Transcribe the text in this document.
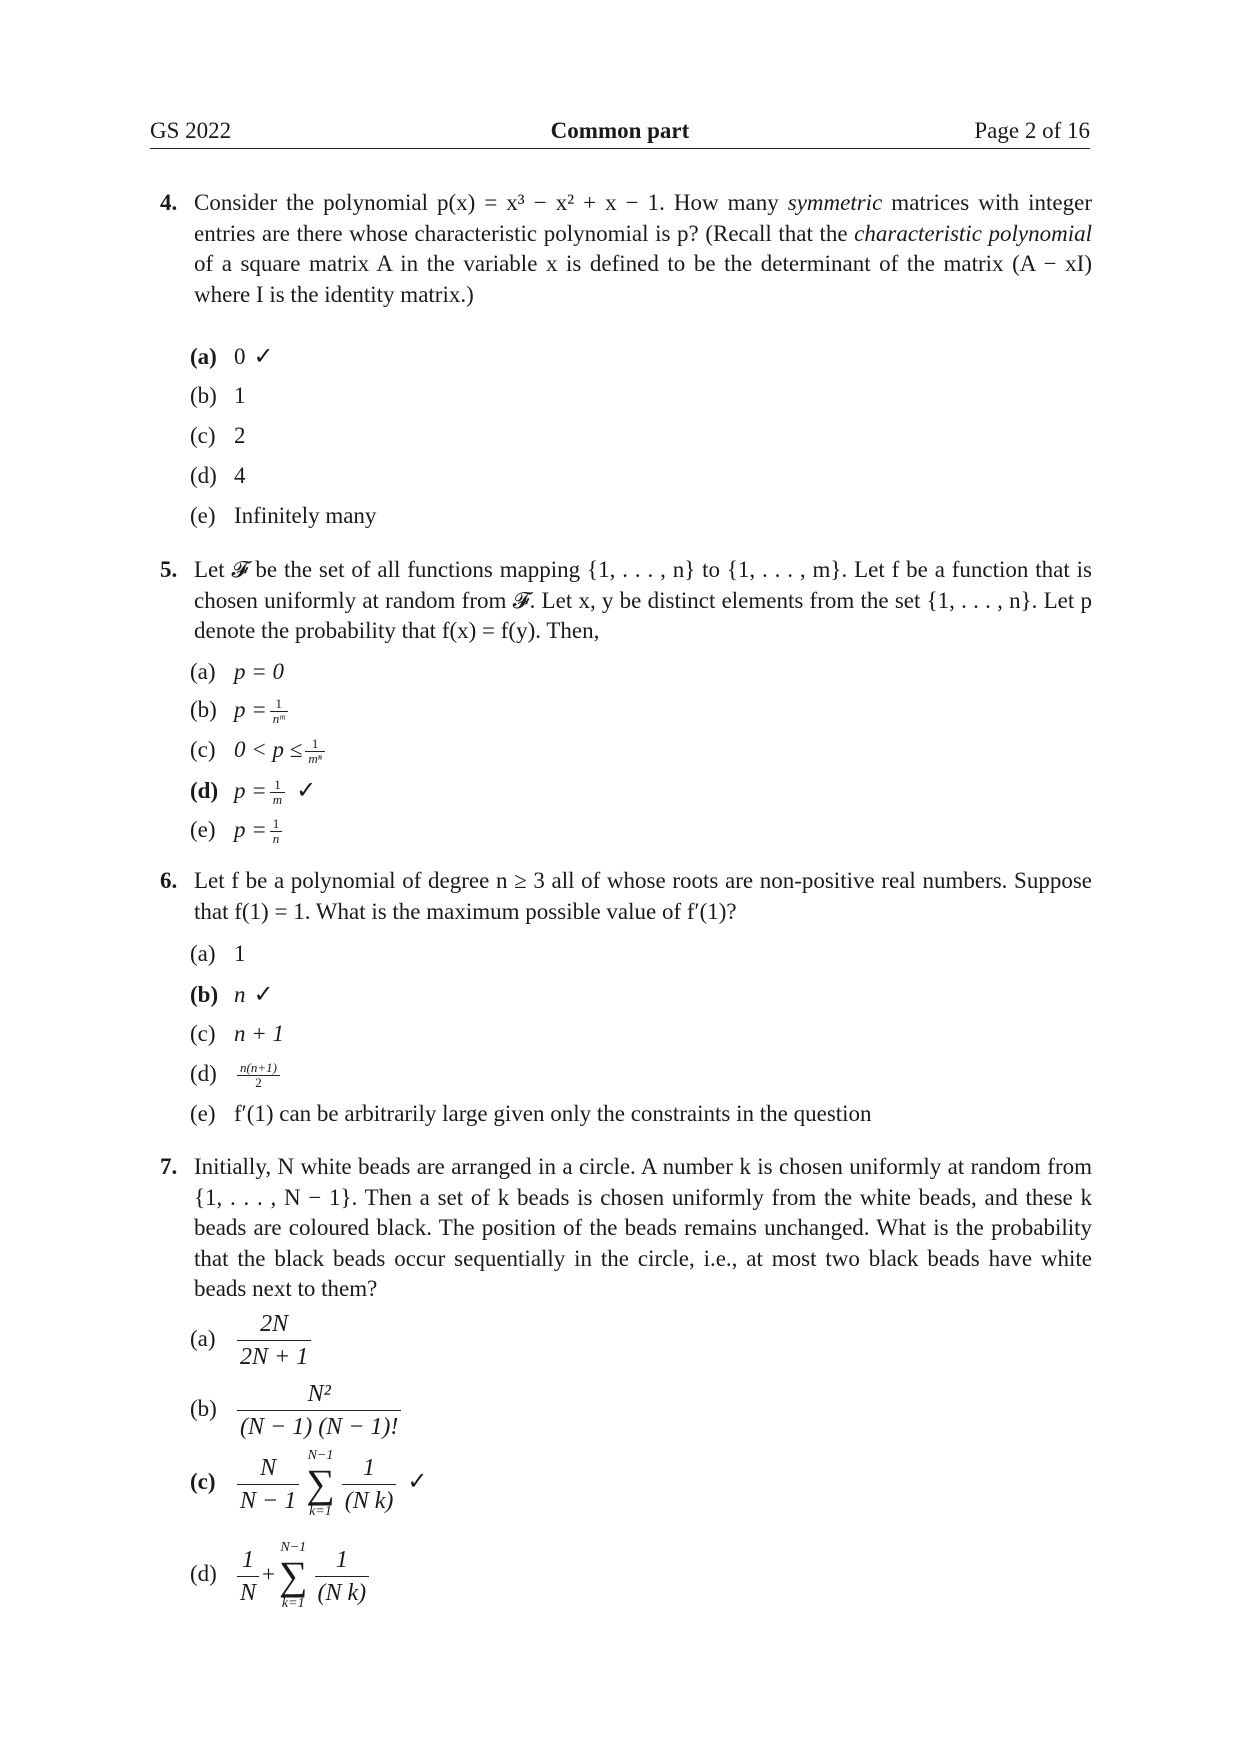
GS 2022	Common part	Page 2 of 16
4. Consider the polynomial p(x) = x³ − x² + x − 1. How many symmetric matrices with integer entries are there whose characteristic polynomial is p? (Recall that the characteristic polynomial of a square matrix A in the variable x is defined to be the determinant of the matrix (A − xI) where I is the identity matrix.)
(a) 0 ✓
(b) 1
(c) 2
(d) 4
(e) Infinitely many
5. Let 𝓕 be the set of all functions mapping {1, . . . , n} to {1, . . . , m}. Let f be a function that is chosen uniformly at random from 𝓕. Let x, y be distinct elements from the set {1, . . . , n}. Let p denote the probability that f(x) = f(y). Then,
(a) p = 0
(b) $p = \frac{1}{\text{nᵐ}}$
(c) $0 < p \le \frac{1}{\text{mⁿ}}$
(d) $p = \frac{1}{m}$ ✓
(e) $p = \frac{1}{n}$
6. Let f be a polynomial of degree n ≥ 3 all of whose roots are non-positive real numbers. Suppose that f(1) = 1. What is the maximum possible value of f′(1)?
(a) 1
(b) n ✓
(c) n + 1
$(d) \frac{n(n+1)}{2}$
(e) f′(1) can be arbitrarily large given only the constraints in the question
7. Initially, N white beads are arranged in a circle. A number k is chosen uniformly at random from {1, . . . , N − 1}. Then a set of k beads is chosen uniformly from the white beads, and these k beads are coloured black. The position of the beads remains unchanged. What is the probability that the black beads occur sequentially in the circle, i.e., at most two black beads have white beads next to them?
$(a) \frac{2N}{2N + 1}$
$(b) \frac{\text{N²}}{(N - 1) (N - 1)!}$
$(c) \frac{N}{N - 1} N-1$
∑
$k=1 \frac{1}{\text{(N k)}}$ ✓
$(d) \frac{1}{N}$ +
N−1
∑
$k=1 \frac{1}{\text{(N k)}}$
